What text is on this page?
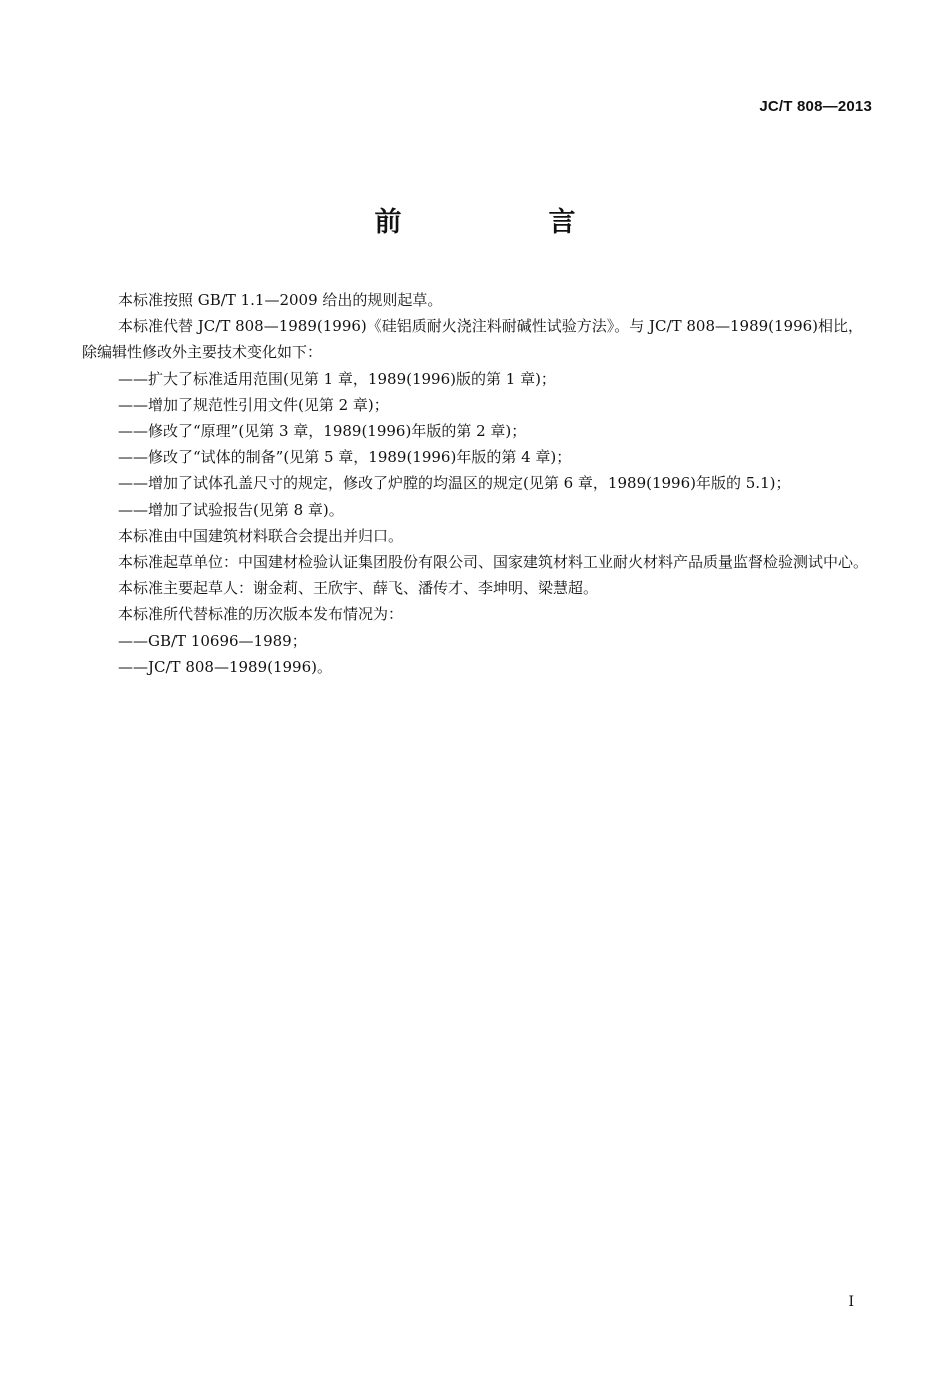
JC/T 808—2013
前　言

本标准按照 GB/T 1.1—2009 给出的规则起草。

本标准代替 JC/T 808—1989(1996)《硅铝质耐火浇注料耐碱性试验方法》。与 JC/T 808—1989(1996)相比，除编辑性修改外主要技术变化如下：

——扩大了标准适用范围(见第 1 章，1989(1996)版的第 1 章)；

——增加了规范性引用文件(见第 2 章)；

——修改了“原理”(见第 3 章，1989(1996)年版的第 2 章)；

——修改了“试体的制备”(见第 5 章，1989(1996)年版的第 4 章)；

——增加了试体孔盖尺寸的规定，修改了炉膛的均温区的规定(见第 6 章，1989(1996)年版的 5.1)；

——增加了试验报告(见第 8 章)。

本标准由中国建筑材料联合会提出并归口。

本标准起草单位：中国建材检验认证集团股份有限公司、国家建筑材料工业耐火材料产品质量监督检验测试中心。

本标准主要起草人：谢金莉、王欣宇、薛飞、潘传才、李坤明、梁慧超。

本标准所代替标准的历次版本发布情况为：

——GB/T 10696—1989；

——JC/T 808—1989(1996)。

I
